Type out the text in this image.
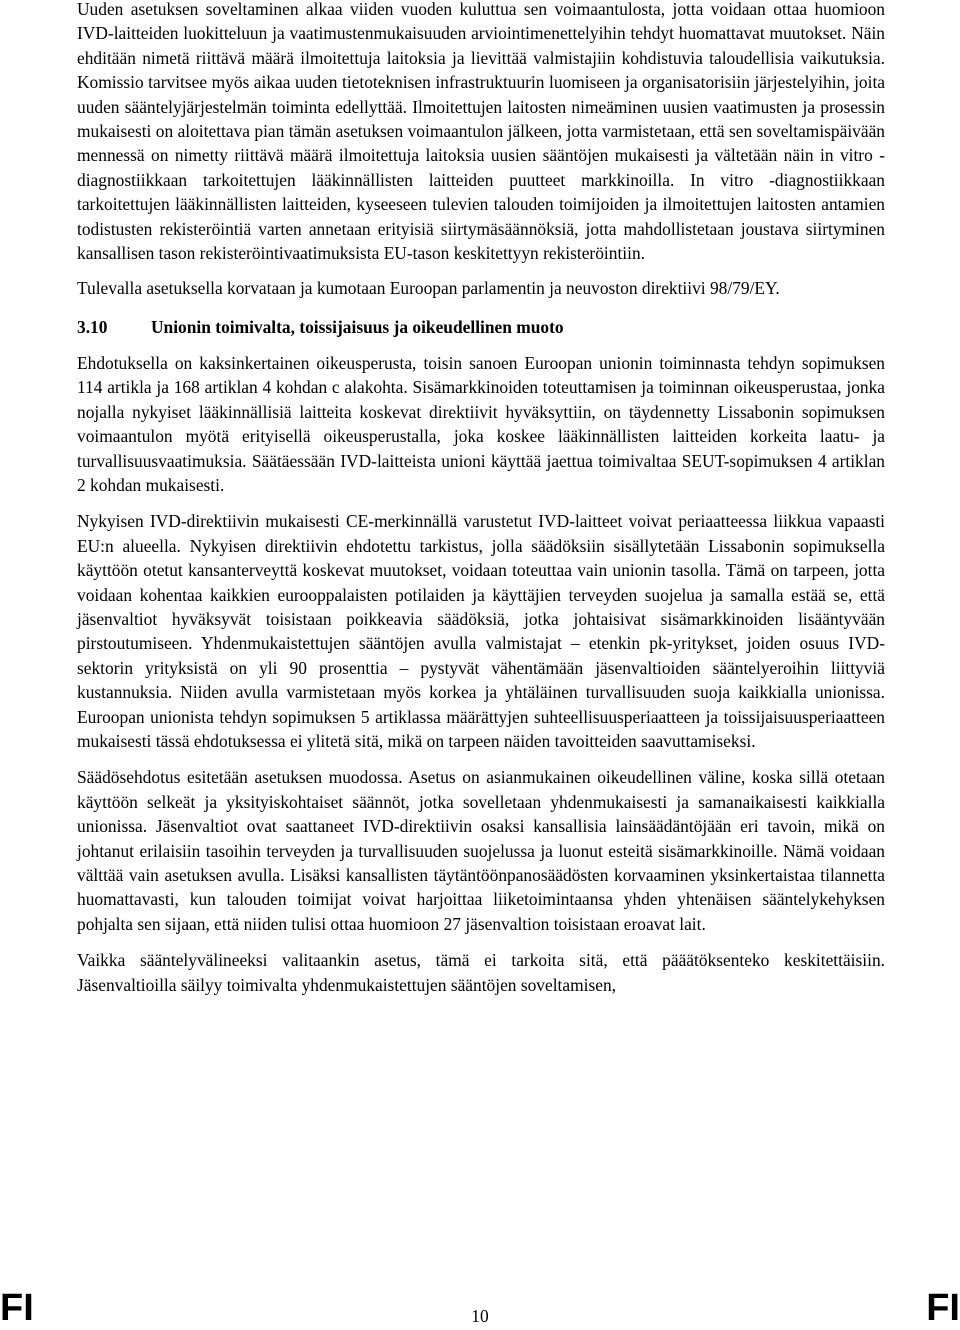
Uuden asetuksen soveltaminen alkaa viiden vuoden kuluttua sen voimaantulosta, jotta voidaan ottaa huomioon IVD-laitteiden luokitteluun ja vaatimustenmukaisuuden arviointimenettelyihin tehdyt huomattavat muutokset. Näin ehditään nimetä riittävä määrä ilmoitettuja laitoksia ja lievittää valmistajiin kohdistuvia taloudellisia vaikutuksia. Komissio tarvitsee myös aikaa uuden tietoteknisen infrastruktuurin luomiseen ja organisatorisiin järjestelyihin, joita uuden sääntelyjärjestelmän toiminta edellyttää. Ilmoitettujen laitosten nimeäminen uusien vaatimusten ja prosessin mukaisesti on aloitettava pian tämän asetuksen voimaantulon jälkeen, jotta varmistetaan, että sen soveltamispäivään mennessä on nimetty riittävä määrä ilmoitettuja laitoksia uusien sääntöjen mukaisesti ja vältetään näin in vitro -diagnostiikkaan tarkoitettujen lääkinnällisten laitteiden puutteet markkinoilla. In vitro -diagnostiikkaan tarkoitettujen lääkinnällisten laitteiden, kyseeseen tulevien talouden toimijoiden ja ilmoitettujen laitosten antamien todistusten rekisteröintiä varten annetaan erityisiä siirtymäsäännöksiä, jotta mahdollistetaan joustava siirtyminen kansallisen tason rekisteröintivaatimuksista EU-tason keskitettyyn rekisteröintiin.

Tulevalla asetuksella korvataan ja kumotaan Euroopan parlamentin ja neuvoston direktiivi 98/79/EY.

3.10	Unionin toimivalta, toissijaisuus ja oikeudellinen muoto

Ehdotuksella on kaksinkertainen oikeusperusta, toisin sanoen Euroopan unionin toiminnasta tehdyn sopimuksen 114 artikla ja 168 artiklan 4 kohdan c alakohta. Sisämarkkinoiden toteuttamisen ja toiminnan oikeusperustaa, jonka nojalla nykyiset lääkinnällisiä laitteita koskevat direktiivit hyväksyttiin, on täydennetty Lissabonin sopimuksen voimaantulon myötä erityisellä oikeusperustalla, joka koskee lääkinnällisten laitteiden korkeita laatu- ja turvallisuusvaatimuksia. Säätäessään IVD-laitteista unioni käyttää jaettua toimivaltaa SEUT-sopimuksen 4 artiklan 2 kohdan mukaisesti.

Nykyisen IVD-direktiivin mukaisesti CE-merkinnällä varustetut IVD-laitteet voivat periaatteessa liikkua vapaasti EU:n alueella. Nykyisen direktiivin ehdotettu tarkistus, jolla säädöksiin sisällytetään Lissabonin sopimuksella käyttöön otetut kansanterveyttä koskevat muutokset, voidaan toteuttaa vain unionin tasolla. Tämä on tarpeen, jotta voidaan kohentaa kaikkien eurooppalaisten potilaiden ja käyttäjien terveyden suojelua ja samalla estää se, että jäsenvaltiot hyväksyvät toisistaan poikkeavia säädöksiä, jotka johtaisivat sisämarkkinoiden lisääntyvään pirstoutumiseen. Yhdenmukaistettujen sääntöjen avulla valmistajat – etenkin pk-yritykset, joiden osuus IVD-sektorin yrityksistä on yli 90 prosenttia – pystyvät vähentämään jäsenvaltioiden sääntelyeroihin liittyviä kustannuksia. Niiden avulla varmistetaan myös korkea ja yhtäläinen turvallisuuden suoja kaikkialla unionissa. Euroopan unionista tehdyn sopimuksen 5 artiklassa määrättyjen suhteellisuusperiaatteen ja toissijaisuusperiaatteen mukaisesti tässä ehdotuksessa ei ylitetä sitä, mikä on tarpeen näiden tavoitteiden saavuttamiseksi.

Säädösehdotus esitetään asetuksen muodossa. Asetus on asianmukainen oikeudellinen väline, koska sillä otetaan käyttöön selkeät ja yksityiskohtaiset säännöt, jotka sovelletaan yhdenmukaisesti ja samanaikaisesti kaikkialla unionissa. Jäsenvaltiot ovat saattaneet IVD-direktiivin osaksi kansallisia lainsäädäntöjään eri tavoin, mikä on johtanut erilaisiin tasoihin terveyden ja turvallisuuden suojelussa ja luonut esteitä sisämarkkinoille. Nämä voidaan välttää vain asetuksen avulla. Lisäksi kansallisten täytäntöönpanosäädösten korvaaminen yksinkertaistaa tilannetta huomattavasti, kun talouden toimijat voivat harjoittaa liiketoimintaansa yhden yhtenäisen sääntelykehyksen pohjalta sen sijaan, että niiden tulisi ottaa huomioon 27 jäsenvaltion toisistaan eroavat lait.

Vaikka sääntelyvälineeksi valitaankin asetus, tämä ei tarkoita sitä, että pääätöksenteko keskitettäisiin. Jäsenvaltioilla säilyy toimivalta yhdenmukaistettujen sääntöjen soveltamisen,

FI	10	FI
